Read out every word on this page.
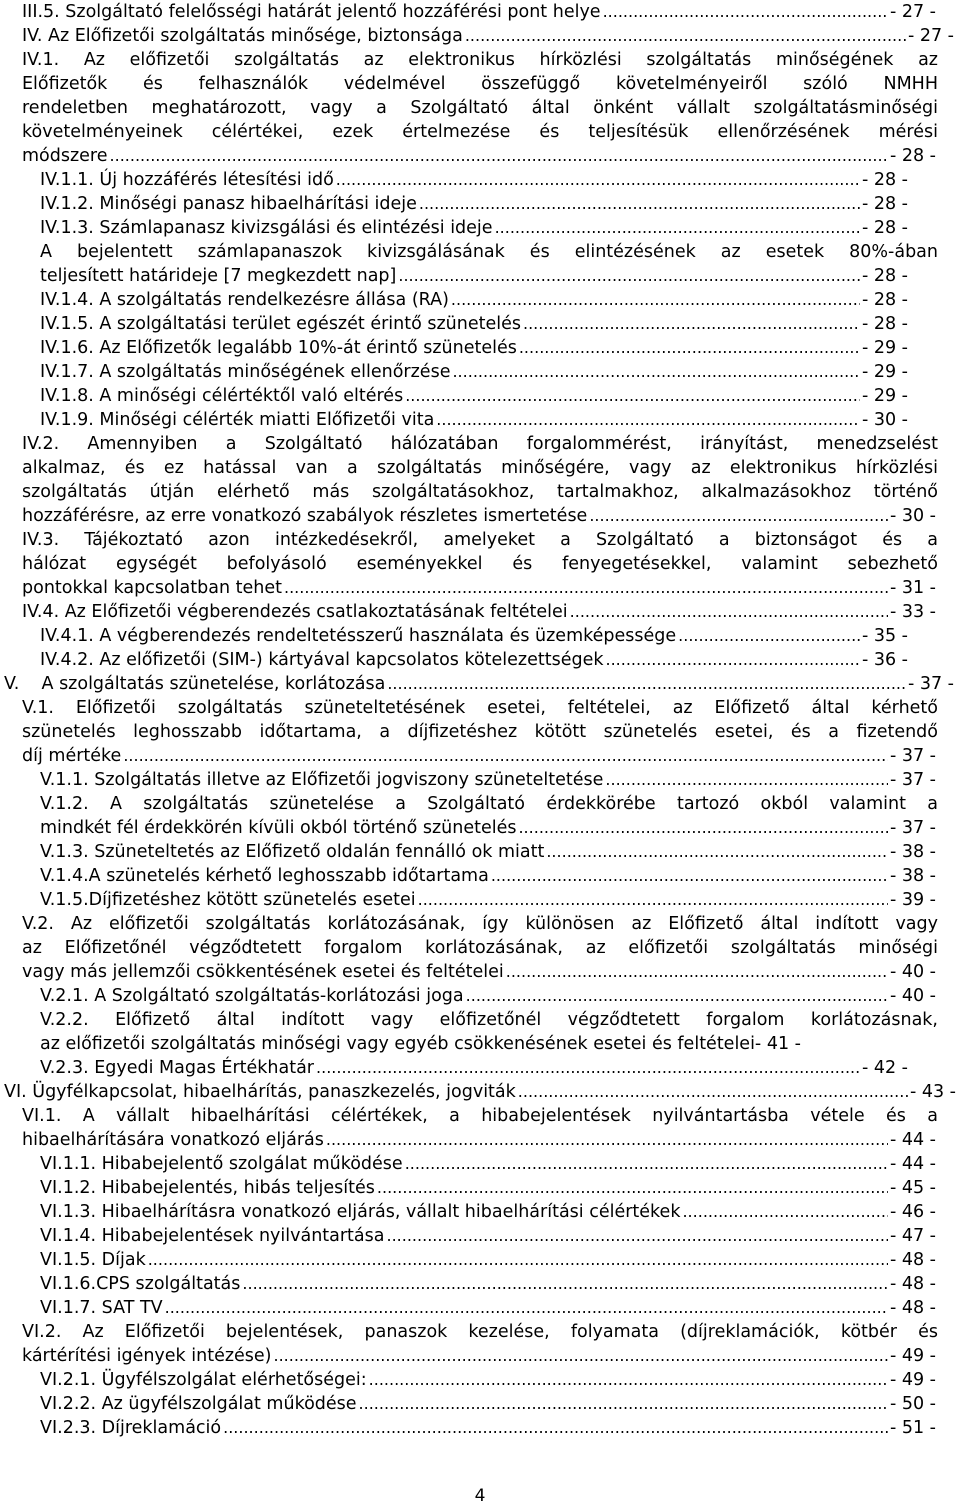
III.5. Szolgáltató felelősségi határát jelentő hozzáférési pont helye .....	- 27 -
IV. Az Előfizetői szolgáltatás minősége, biztonsága .....	- 27 -
IV.1. Az előfizetői szolgáltatás az elektronikus hírközlési szolgáltatás minőségének az
Előfizetők és felhasználók védelmével összefüggő követelményeiről szóló NMHH
rendeletben meghatározott, vagy a Szolgáltató által önként vállalt szolgáltatásminőségi
követelményeinek célértékei, ezek értelmezése és teljesítésük ellenőrzésének mérési
módszere .....	- 28 -
IV.1.1. Új hozzáférés létesítési idő .....	- 28 -
IV.1.2. Minőségi panasz hibaelhárítási ideje .....	- 28 -
IV.1.3. Számlapanasz kivizsgálási és elintézési ideje .....	- 28 -
A bejelentett számlapanaszok kivizsgálásának és elintézésének az esetek 80%-ában
teljesített határideje [7 megkezdett nap] .....	- 28 -
IV.1.4. A szolgáltatás rendelkezésre állása (RA) .....	- 28 -
IV.1.5. A szolgáltatási terület egészét érintő szünetelés .....	- 28 -
IV.1.6. Az Előfizetők legalább 10%-át érintő szünetelés .....	- 29 -
IV.1.7. A szolgáltatás minőségének ellenőrzése .....	- 29 -
IV.1.8. A minőségi célértéktől való eltérés .....	- 29 -
IV.1.9. Minőségi célérték miatti Előfizetői vita .....	- 30 -
IV.2. Amennyiben a Szolgáltató hálózatában forgalommérést, irányítást, menedzselést
alkalmaz, és ez hatással van a szolgáltatás minőségére, vagy az elektronikus hírközlési
szolgáltatás útján elérhető más szolgáltatásokhoz, tartalmakhoz, alkalmazásokhoz történő
hozzáférésre, az erre vonatkozó szabályok részletes ismertetése .....	- 30 -
IV.3. Tájékoztató azon intézkedésekről, amelyeket a Szolgáltató a biztonságot és a
hálózat egységét befolyásoló eseményekkel és fenyegetésekkel, valamint sebezhető
pontokkal kapcsolatban tehet .....	- 31 -
IV.4. Az Előfizetői végberendezés csatlakoztatásának feltételei .....	- 33 -
IV.4.1. A végberendezés rendeltetésszerű használata és üzemképessége .....	- 35 -
IV.4.2. Az előfizetői (SIM-) kártyával kapcsolatos kötelezettségek .....	- 36 -
V.    A szolgáltatás szünetelése, korlátozása .....	- 37 -
V.1. Előfizetői szolgáltatás szüneteltetésének esetei, feltételei, az Előfizető által kérhető
szünetelés leghosszabb időtartama, a díjfizetéshez kötött szünetelés esetei, és a fizetendő
díj mértéke .....	- 37 -
V.1.1. Szolgáltatás illetve az Előfizetői jogviszony szüneteltetése .....	- 37 -
V.1.2. A szolgáltatás szünetelése a Szolgáltató érdekkörébe tartozó okból valamint a
mindkét fél érdekkörén kívüli okból történő szünetelés .....	- 37 -
V.1.3. Szüneteltetés az Előfizető oldalán fennálló ok miatt .....	- 38 -
V.1.4.A szünetelés kérhető leghosszabb időtartama .....	- 38 -
V.1.5.Díjfizetéshez kötött szünetelés esetei .....	- 39 -
V.2. Az előfizetői szolgáltatás korlátozásának, így különösen az Előfizető által indított vagy
az Előfizetőnél végződtetett forgalom korlátozásának, az előfizetői szolgáltatás minőségi
vagy más jellemzői csökkentésének esetei és feltételei .....	- 40 -
V.2.1. A Szolgáltató szolgáltatás-korlátozási joga .....	- 40 -
V.2.2. Előfizető által indított vagy előfizetőnél végződtetett forgalom korlátozásnak,
az előfizetői szolgáltatás minőségi vagy egyéb csökkenésének esetei és feltételei- 41 -
V.2.3. Egyedi Magas Értékhatár .....	- 42 -
VI. Ügyfélkapcsolat, hibaelhárítás, panaszkezelés, jogviták .....	- 43 -
VI.1. A vállalt hibaelhárítási célértékek, a hibabejelentések nyilvántartásba vétele és a
hibaelhárítására vonatkozó eljárás .....	- 44 -
VI.1.1. Hibabejelentő szolgálat működése .....	- 44 -
VI.1.2. Hibabejelentés, hibás teljesítés .....	- 45 -
VI.1.3. Hibaelhárításra vonatkozó eljárás, vállalt hibaelhárítási célértékek .....	- 46 -
VI.1.4. Hibabejelentések nyilvántartása .....	- 47 -
VI.1.5. Díjak .....	- 48 -
VI.1.6.CPS szolgáltatás .....	- 48 -
VI.1.7. SAT TV .....	- 48 -
VI.2. Az Előfizetői bejelentések, panaszok kezelése, folyamata (díjreklamációk, kötbér és
kártérítési igények intézése) .....	- 49 -
VI.2.1. Ügyfélszolgálat elérhetőségei: .....	- 49 -
VI.2.2. Az ügyfélszolgálat működése .....	- 50 -
VI.2.3. Díjreklamáció .....	- 51 -
4
